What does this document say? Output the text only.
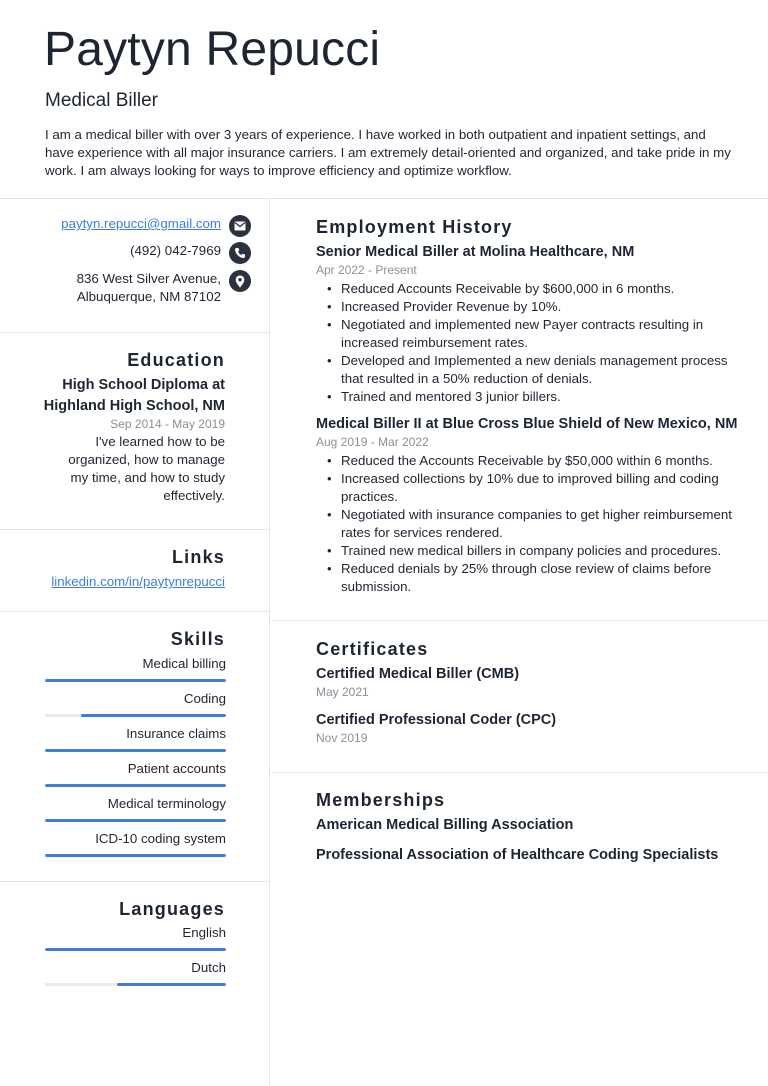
Paytyn Repucci
Medical Biller
I am a medical biller with over 3 years of experience. I have worked in both outpatient and inpatient settings, and have experience with all major insurance carriers. I am extremely detail-oriented and organized, and take pride in my work. I am always looking for ways to improve efficiency and optimize workflow.
paytyn.repucci@gmail.com
(492) 042-7969
836 West Silver Avenue,
Albuquerque, NM 87102
Education
High School Diploma at
Highland High School, NM
Sep 2014 - May 2019
I've learned how to be
organized, how to manage
my time, and how to study
effectively.
Links
linkedin.com/in/paytynrepucci
Skills
Medical billing
Coding
Insurance claims
Patient accounts
Medical terminology
ICD-10 coding system
Languages
English
Dutch
Employment History
Senior Medical Biller at Molina Healthcare, NM
Apr 2022 - Present
• Reduced Accounts Receivable by $600,000 in 6 months.
• Increased Provider Revenue by 10%.
• Negotiated and implemented new Payer contracts resulting in increased reimbursement rates.
• Developed and Implemented a new denials management process that resulted in a 50% reduction of denials.
• Trained and mentored 3 junior billers.
Medical Biller II at Blue Cross Blue Shield of New Mexico, NM
Aug 2019 - Mar 2022
• Reduced the Accounts Receivable by $50,000 within 6 months.
• Increased collections by 10% due to improved billing and coding practices.
• Negotiated with insurance companies to get higher reimbursement rates for services rendered.
• Trained new medical billers in company policies and procedures.
• Reduced denials by 25% through close review of claims before submission.
Certificates
Certified Medical Biller (CMB)
May 2021
Certified Professional Coder (CPC)
Nov 2019
Memberships
American Medical Billing Association
Professional Association of Healthcare Coding Specialists
